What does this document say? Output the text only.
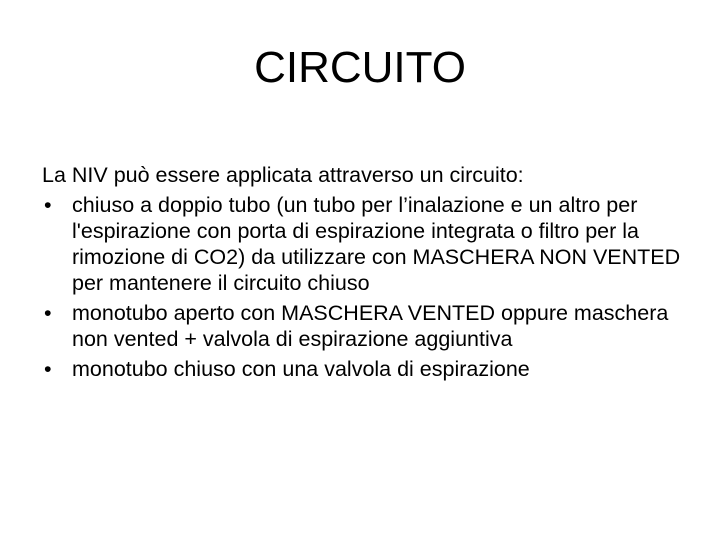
CIRCUITO

La NIV può essere applicata attraverso un circuito:

• chiuso a doppio tubo (un tubo per l’inalazione e un altro per l'espirazione con porta di espirazione integrata o filtro per la rimozione di CO2) da utilizzare con MASCHERA NON VENTED per mantenere il circuito chiuso
• monotubo aperto con MASCHERA VENTED oppure maschera non vented + valvola di espirazione aggiuntiva
• monotubo chiuso con una valvola di espirazione
